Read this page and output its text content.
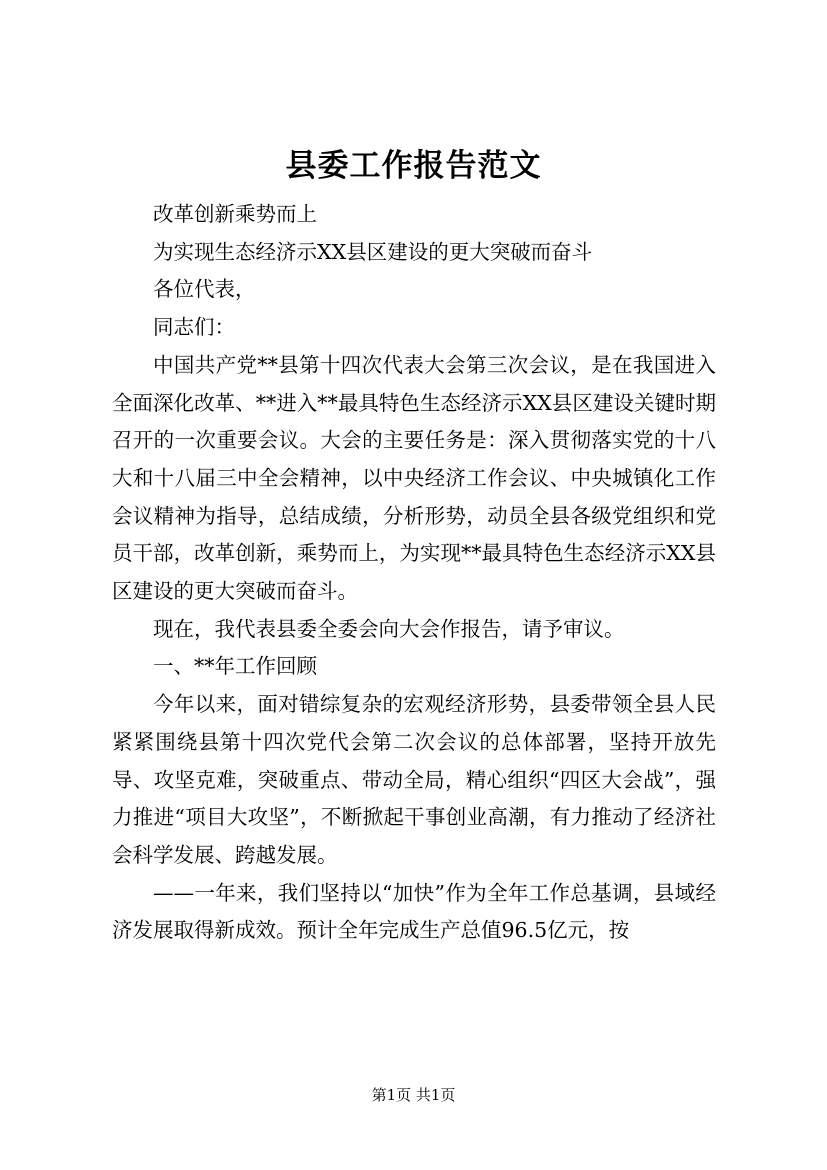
县委工作报告范文

改革创新乘势而上

为实现生态经济示XX县区建设的更大突破而奋斗

各位代表，

同志们：

中国共产党**县第十四次代表大会第三次会议，是在我国进入全面深化改革、**进入**最具特色生态经济示XX县区建设关键时期召开的一次重要会议。大会的主要任务是：深入贯彻落实党的十八大和十八届三中全会精神，以中央经济工作会议、中央城镇化工作会议精神为指导，总结成绩，分析形势，动员全县各级党组织和党员干部，改革创新，乘势而上，为实现**最具特色生态经济示XX县区建设的更大突破而奋斗。

现在，我代表县委全委会向大会作报告，请予审议。

一、**年工作回顾

今年以来，面对错综复杂的宏观经济形势，县委带领全县人民紧紧围绕县第十四次党代会第二次会议的总体部署，坚持开放先导、攻坚克难，突破重点、带动全局，精心组织“四区大会战”，强力推进“项目大攻坚”，不断掀起干事创业高潮，有力推动了经济社会科学发展、跨越发展。

——一年来，我们坚持以“加快”作为全年工作总基调，县域经济发展取得新成效。预计全年完成生产总值96.5亿元，按

第1页 共1页
